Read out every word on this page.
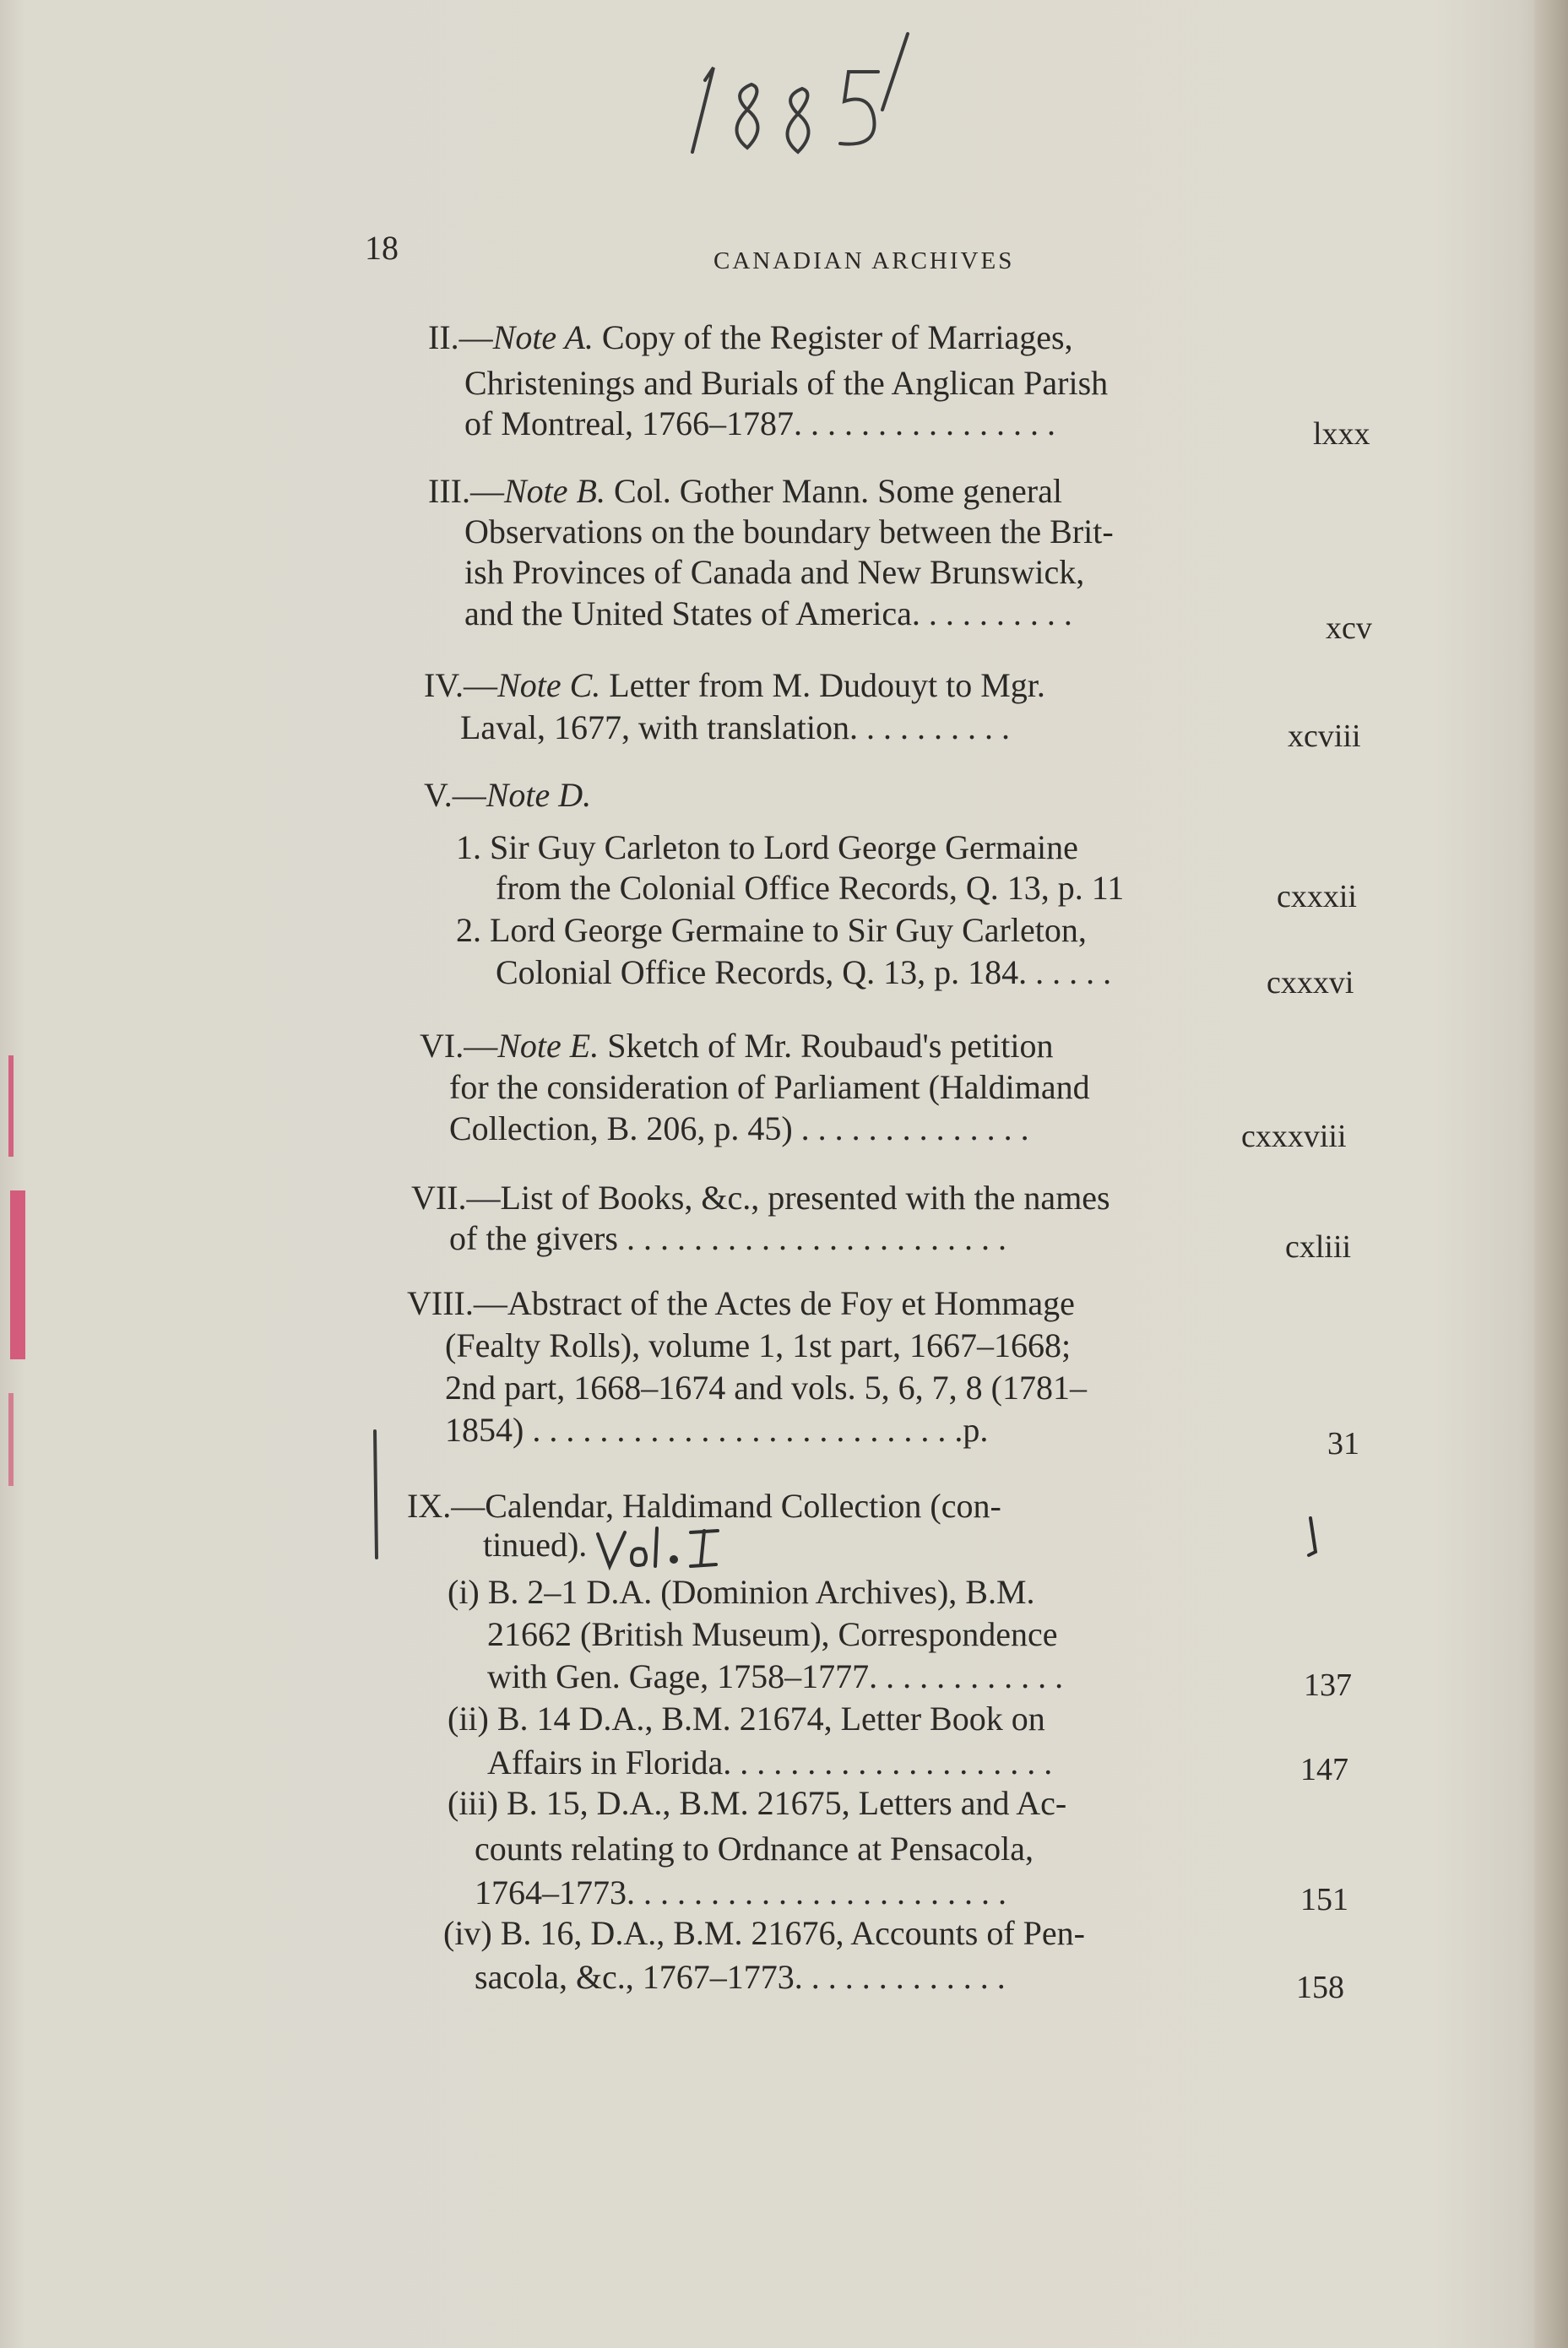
18	CANADIAN ARCHIVES
II.—Note A. Copy of the Register of Marriages,
Christenings and Burials of the Anglican Parish
of Montreal, 1766–1787. . . . . . . . . . . . . . . .	lxxx
III.—Note B. Col. Gother Mann. Some general
Observations on the boundary between the Brit-
ish Provinces of Canada and New Brunswick,
and the United States of America. . . . . . . . . .	xcv
IV.—Note C. Letter from M. Dudouyt to Mgr.
Laval, 1677, with translation. . . . . . . . . .	xcviii
V.—Note D.
1. Sir Guy Carleton to Lord George Germaine
from the Colonial Office Records, Q. 13, p. 11	cxxxii
2. Lord George Germaine to Sir Guy Carleton,
Colonial Office Records, Q. 13, p. 184. . . . . .	cxxxvi
VI.—Note E. Sketch of Mr. Roubaud's petition
for the consideration of Parliament (Haldimand
Collection, B. 206, p. 45) . . . . . . . . . . . . . .	cxxxviii
VII.—List of Books, &c., presented with the names
of the givers . . . . . . . . . . . . . . . . . . . . . . .	cxliii
VIII.—Abstract of the Actes de Foy et Hommage
(Fealty Rolls), volume 1, 1st part, 1667–1668;
2nd part, 1668–1674 and vols. 5, 6, 7, 8 (1781–
1854) . . . . . . . . . . . . . . . . . . . . . . . . . .p.	31
IX.—Calendar, Haldimand Collection (con-
tinued).
(i) B. 2–1 D.A. (Dominion Archives), B.M.
21662 (British Museum), Correspondence
with Gen. Gage, 1758–1777. . . . . . . . . . . .	137
(ii) B. 14 D.A., B.M. 21674, Letter Book on
Affairs in Florida. . . . . . . . . . . . . . . . . . . .	147
(iii) B. 15, D.A., B.M. 21675, Letters and Ac-
counts relating to Ordnance at Pensacola,
1764–1773. . . . . . . . . . . . . . . . . . . . . . .	151
(iv) B. 16, D.A., B.M. 21676, Accounts of Pen-
sacola, &c., 1767–1773. . . . . . . . . . . . .	158
